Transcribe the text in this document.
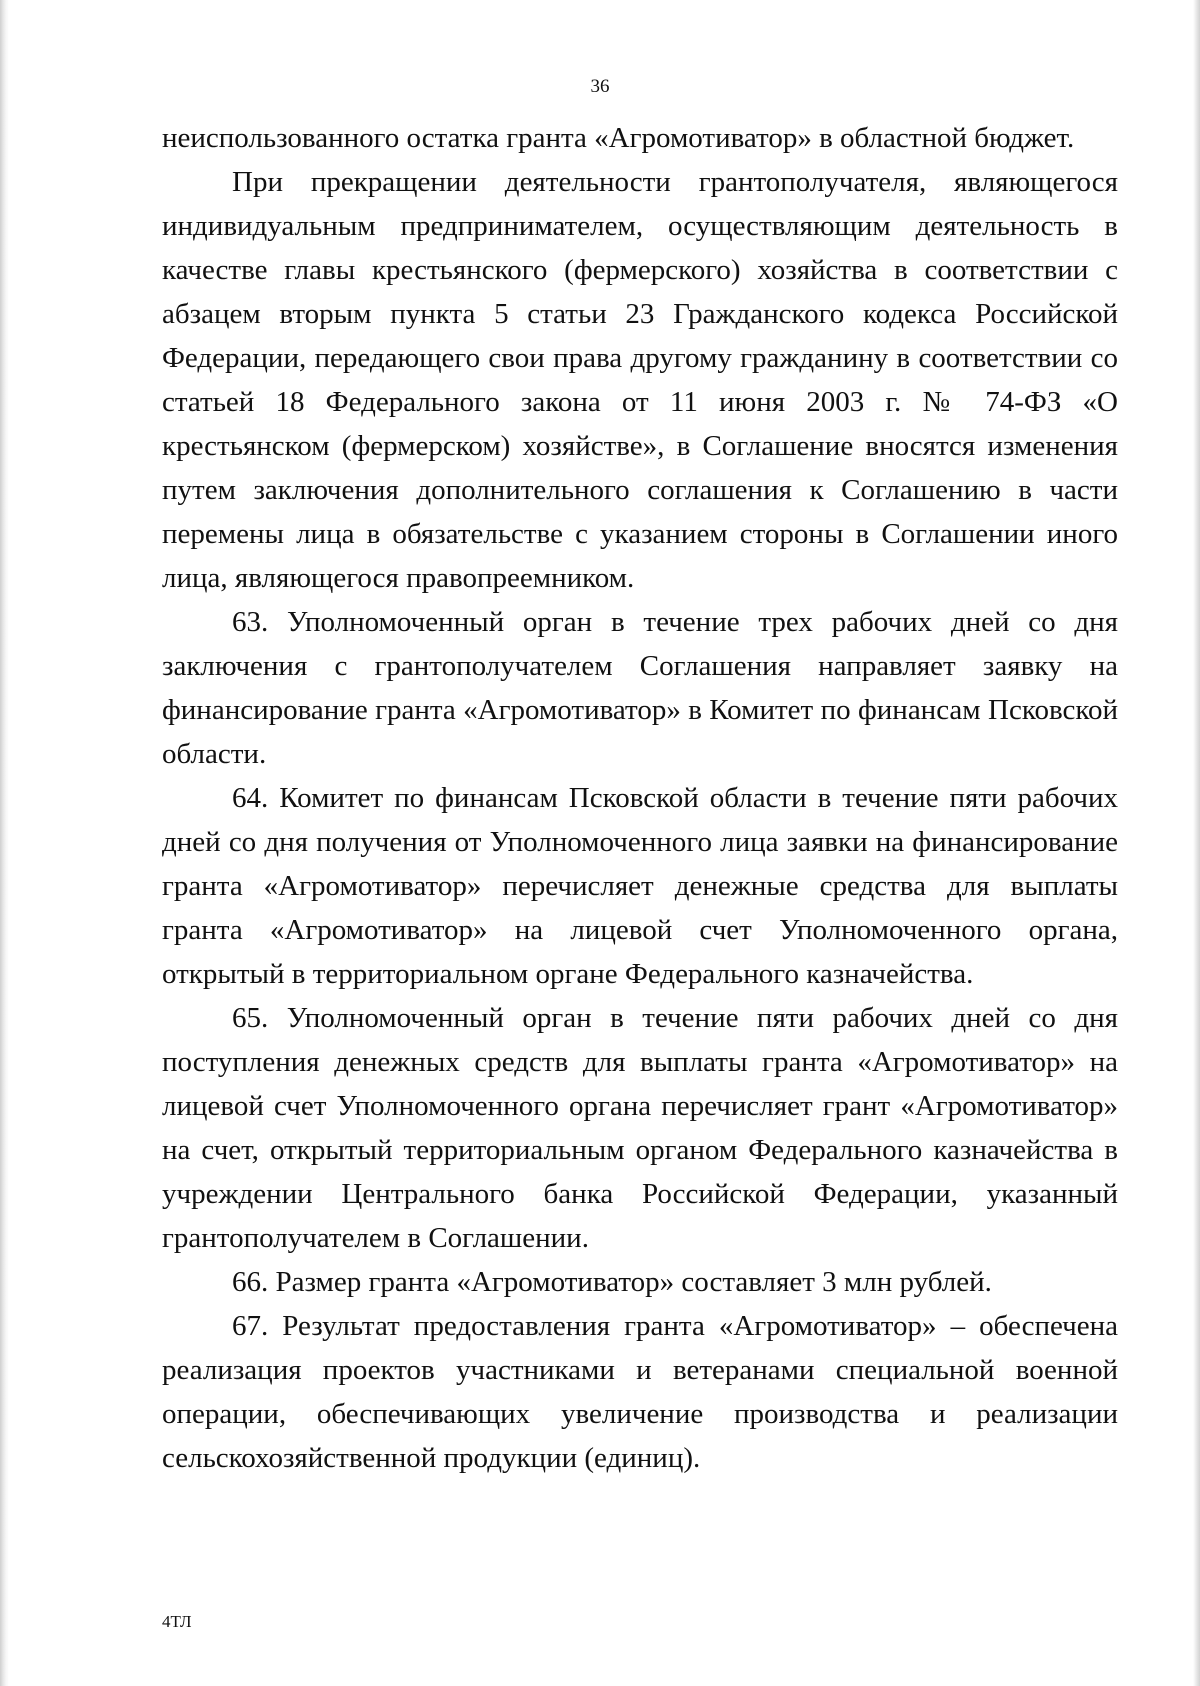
36

неиспользованного остатка гранта «Агромотиватор» в областной бюджет.

При прекращении деятельности грантополучателя, являющегося индивидуальным предпринимателем, осуществляющим деятельность в качестве главы крестьянского (фермерского) хозяйства в соответствии с абзацем вторым пункта 5 статьи 23 Гражданского кодекса Российской Федерации, передающего свои права другому гражданину в соответствии со статьей 18 Федерального закона от 11 июня 2003 г. № 74-ФЗ «О крестьянском (фермерском) хозяйстве», в Соглашение вносятся изменения путем заключения дополнительного соглашения к Соглашению в части перемены лица в обязательстве с указанием стороны в Соглашении иного лица, являющегося правопреемником.

63. Уполномоченный орган в течение трех рабочих дней со дня заключения с грантополучателем Соглашения направляет заявку на финансирование гранта «Агромотиватор» в Комитет по финансам Псковской области.

64. Комитет по финансам Псковской области в течение пяти рабочих дней со дня получения от Уполномоченного лица заявки на финансирование гранта «Агромотиватор» перечисляет денежные средства для выплаты гранта «Агромотиватор» на лицевой счет Уполномоченного органа, открытый в территориальном органе Федерального казначейства.

65. Уполномоченный орган в течение пяти рабочих дней со дня поступления денежных средств для выплаты гранта «Агромотиватор» на лицевой счет Уполномоченного органа перечисляет грант «Агромотиватор» на счет, открытый территориальным органом Федерального казначейства в учреждении Центрального банка Российской Федерации, указанный грантополучателем в Соглашении.

66. Размер гранта «Агромотиватор» составляет 3 млн рублей.

67. Результат предоставления гранта «Агромотиватор» – обеспечена реализация проектов участниками и ветеранами специальной военной операции, обеспечивающих увеличение производства и реализации сельскохозяйственной продукции (единиц).

4ТЛ
